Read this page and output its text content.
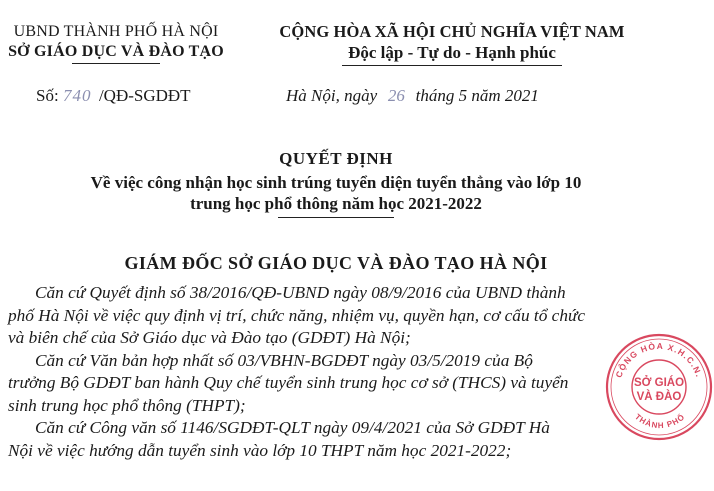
UBND THÀNH PHỐ HÀ NỘI
SỞ GIÁO DỤC VÀ ĐÀO TẠO
CỘNG HÒA XÃ HỘI CHỦ NGHĨA VIỆT NAM
Độc lập - Tự do - Hạnh phúc
Số: 740 /QĐ-SGDĐT	Hà Nội, ngày 26 tháng 5 năm 2021
QUYẾT ĐỊNH
Về việc công nhận học sinh trúng tuyển diện tuyển thẳng vào lớp 10
trung học phổ thông năm học 2021-2022
GIÁM ĐỐC SỞ GIÁO DỤC VÀ ĐÀO TẠO HÀ NỘI
Căn cứ Quyết định số 38/2016/QĐ-UBND ngày 08/9/2016 của UBND thành
phố Hà Nội về việc quy định vị trí, chức năng, nhiệm vụ, quyền hạn, cơ cấu tổ chức
và biên chế của Sở Giáo dục và Đào tạo (GDĐT) Hà Nội;
Căn cứ Văn bản hợp nhất số 03/VBHN-BGDĐT ngày 03/5/2019 của Bộ
trưởng Bộ GDĐT ban hành Quy chế tuyển sinh trung học cơ sở (THCS) và tuyển
sinh trung học phổ thông (THPT);
Căn cứ Công văn số 1146/SGDĐT-QLT ngày 09/4/2021 của Sở GDĐT Hà
Nội về việc hướng dẫn tuyển sinh vào lớp 10 THPT năm học 2021-2022;
CỘNG HÒA X.H.C.N.
SỞ GIÁO
VÀ ĐÀO
THÀNH PHỐ
